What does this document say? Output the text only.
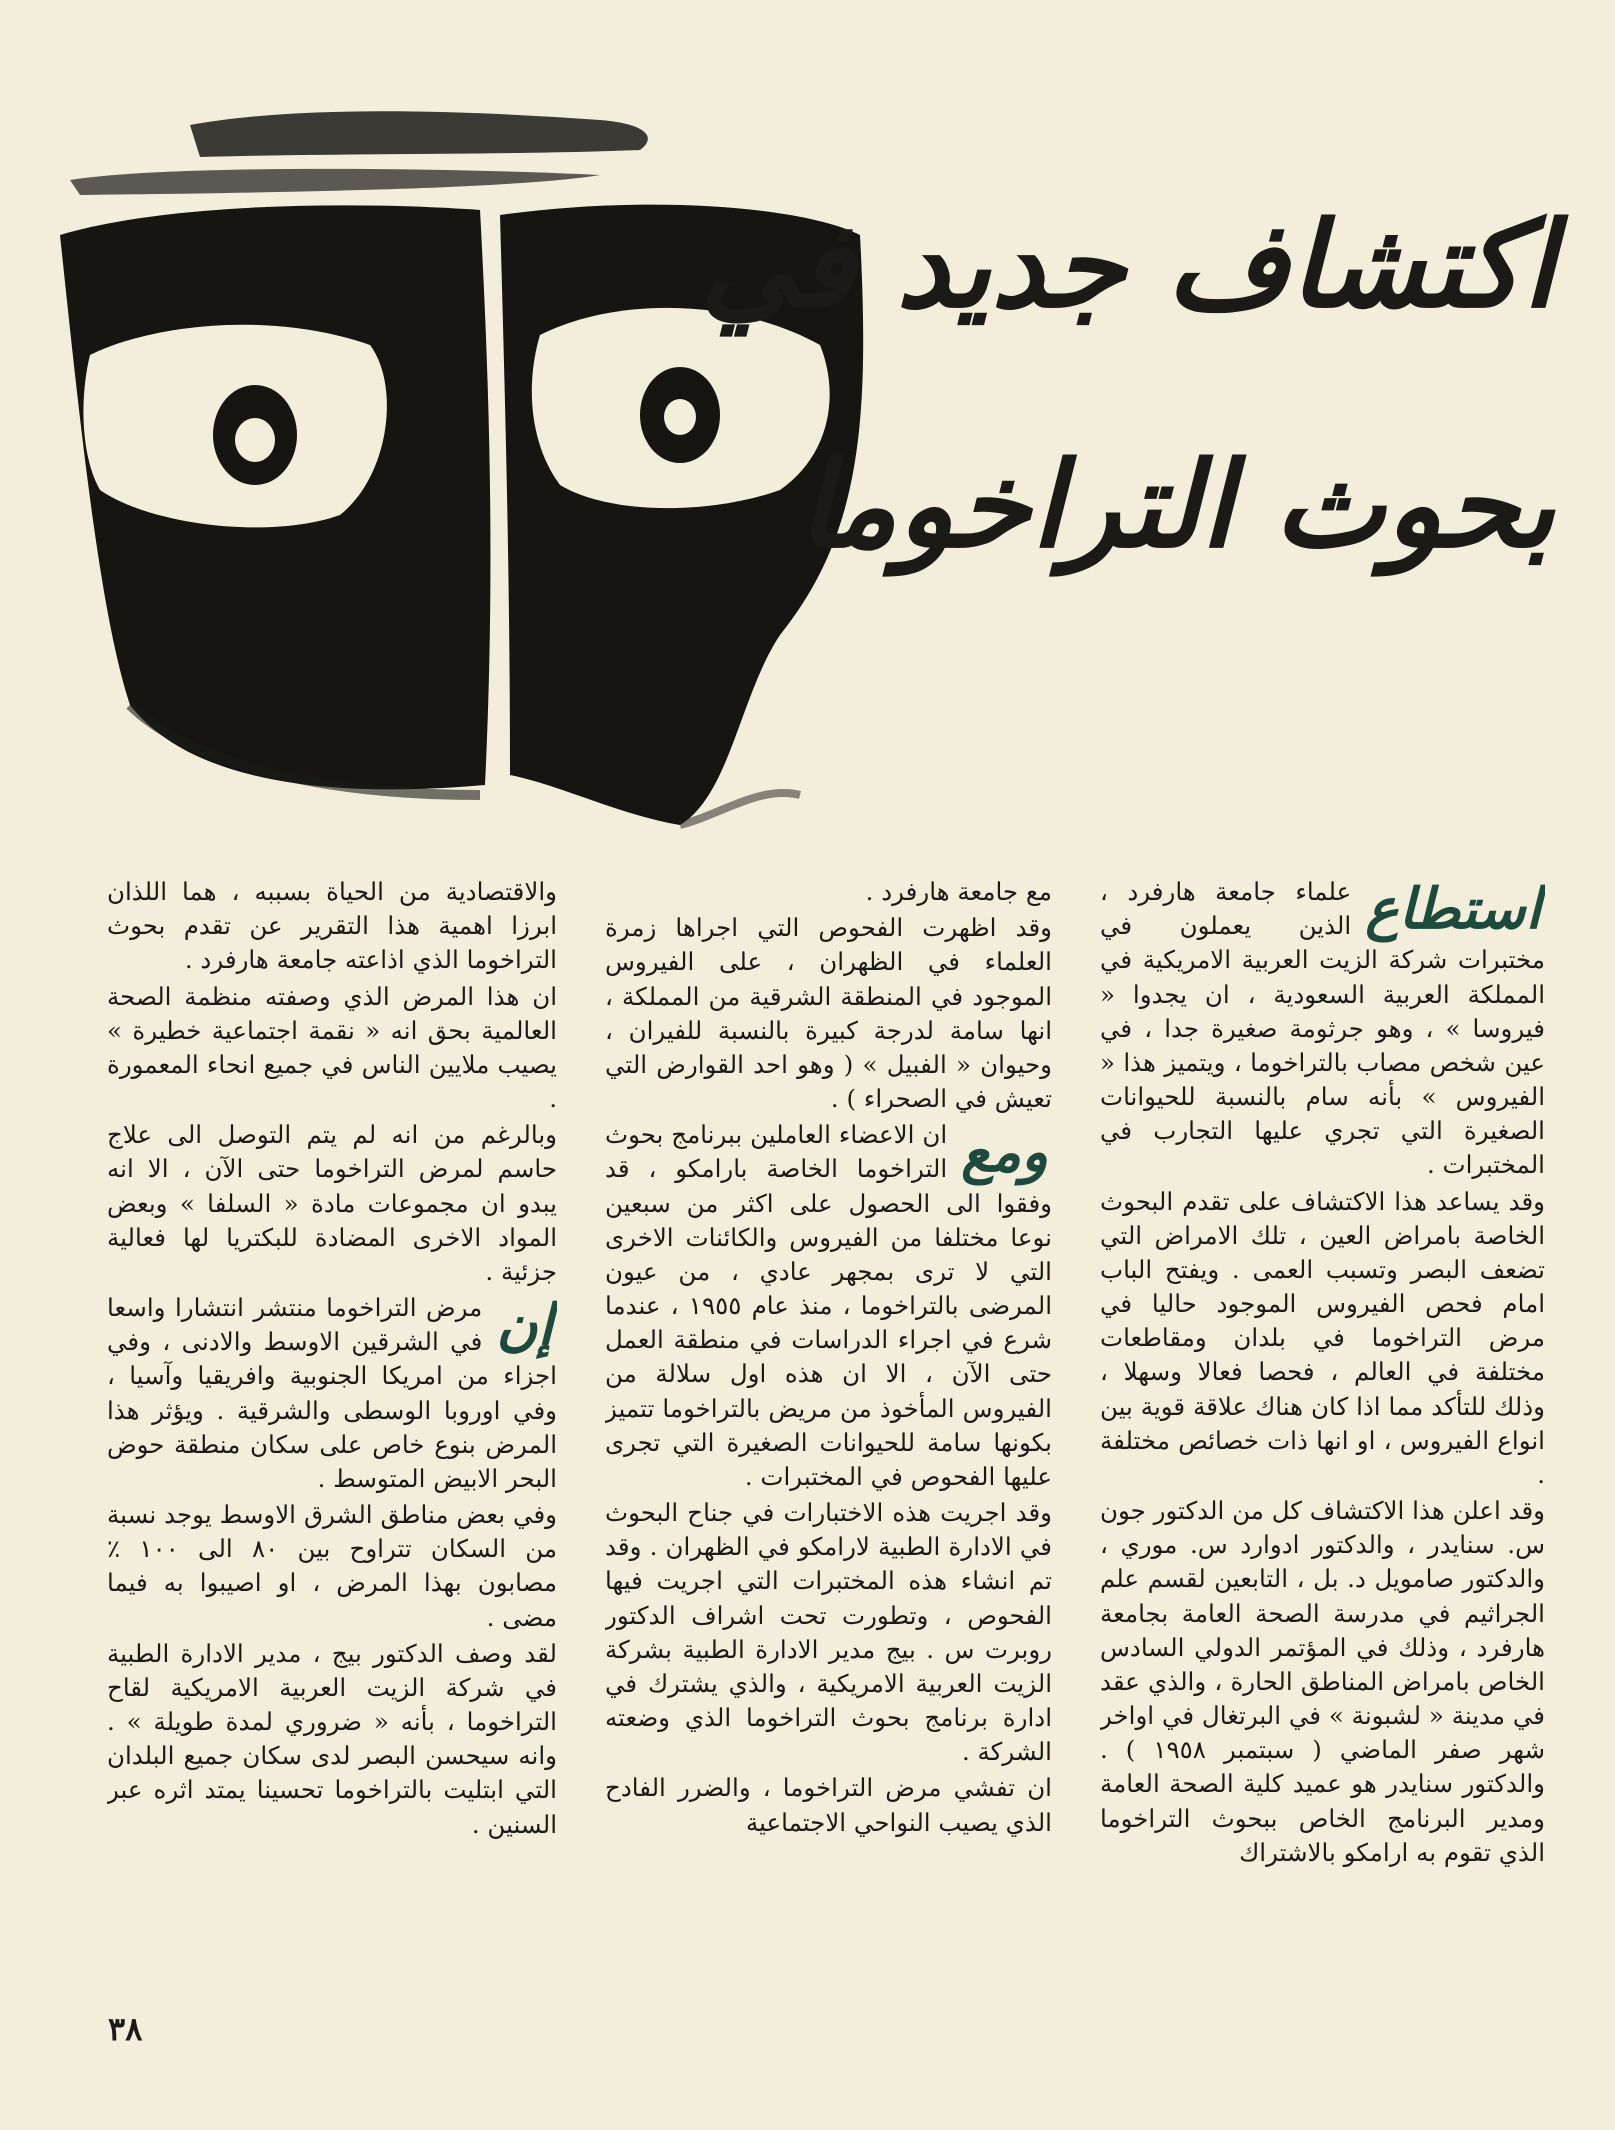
اكتشاف جديد في
بحوث التراخوما
استطاع

علماء جامعة هارفرد ، الذين يعملون في مختبرات شركة الزيت العربية الامريكية في المملكة العربية السعودية ، ان يجدوا « فيروسا » ، وهو جرثومة صغيرة جدا ، في عين شخص مصاب بالتراخوما ، ويتميز هذا « الفيروس » بأنه سام بالنسبة للحيوانات الصغيرة التي تجري عليها التجارب في المختبرات .

وقد يساعد هذا الاكتشاف على تقدم البحوث الخاصة بامراض العين ، تلك الامراض التي تضعف البصر وتسبب العمى . ويفتح الباب امام فحص الفيروس الموجود حاليا في مرض التراخوما في بلدان ومقاطعات مختلفة في العالم ، فحصا فعالا وسهلا ، وذلك للتأكد مما اذا كان هناك علاقة قوية بين انواع الفيروس ، او انها ذات خصائص مختلفة .

وقد اعلن هذا الاكتشاف كل من الدكتور جون س. سنايدر ، والدكتور ادوارد س. موري ، والدكتور صامويل د. بل ، التابعين لقسم علم الجراثيم في مدرسة الصحة العامة بجامعة هارفرد ، وذلك في المؤتمر الدولي السادس الخاص بامراض المناطق الحارة ، والذي عقد في مدينة « لشبونة » في البرتغال في اواخر شهر صفر الماضي ( سبتمبر ١٩٥٨ ) . والدكتور سنايدر هو عميد كلية الصحة العامة ومدير البرنامج الخاص ببحوث التراخوما الذي تقوم به ارامكو بالاشتراك

مع جامعة هارفرد .

وقد اظهرت الفحوص التي اجراها زمرة العلماء في الظهران ، على الفيروس الموجود في المنطقة الشرقية من المملكة ، انها سامة لدرجة كبيرة بالنسبة للفيران ، وحيوان « الفبيل » ( وهو احد القوارض التي تعيش في الصحراء ) .

ومع

ان الاعضاء العاملين ببرنامج بحوث التراخوما الخاصة بارامكو ، قد وفقوا الى الحصول على اكثر من سبعين نوعا مختلفا من الفيروس والكائنات الاخرى التي لا ترى بمجهر عادي ، من عيون المرضى بالتراخوما ، منذ عام ١٩٥٥ ، عندما شرع في اجراء الدراسات في منطقة العمل حتى الآن ، الا ان هذه اول سلالة من الفيروس المأخوذ من مريض بالتراخوما تتميز بكونها سامة للحيوانات الصغيرة التي تجرى عليها الفحوص في المختبرات .

وقد اجريت هذه الاختبارات في جناح البحوث في الادارة الطبية لارامكو في الظهران . وقد تم انشاء هذه المختبرات التي اجريت فيها الفحوص ، وتطورت تحت اشراف الدكتور روبرت س . بيج مدير الادارة الطبية بشركة الزيت العربية الامريكية ، والذي يشترك في ادارة برنامج بحوث التراخوما الذي وضعته الشركة .

ان تفشي مرض التراخوما ، والضرر الفادح الذي يصيب النواحي الاجتماعية

والاقتصادية من الحياة بسببه ، هما اللذان ابرزا اهمية هذا التقرير عن تقدم بحوث التراخوما الذي اذاعته جامعة هارفرد .

ان هذا المرض الذي وصفته منظمة الصحة العالمية بحق انه « نقمة اجتماعية خطيرة » يصيب ملايين الناس في جميع انحاء المعمورة .

وبالرغم من انه لم يتم التوصل الى علاج حاسم لمرض التراخوما حتى الآن ، الا انه يبدو ان مجموعات مادة « السلفا » وبعض المواد الاخرى المضادة للبكتريا لها فعالية جزئية .

إن

مرض التراخوما منتشر انتشارا واسعا في الشرقين الاوسط والادنى ، وفي اجزاء من امريكا الجنوبية وافريقيا وآسيا ، وفي اوروبا الوسطى والشرقية . ويؤثر هذا المرض بنوع خاص على سكان منطقة حوض البحر الابيض المتوسط .

وفي بعض مناطق الشرق الاوسط يوجد نسبة من السكان تتراوح بين ٨٠ الى ١٠٠ ٪ مصابون بهذا المرض ، او اصيبوا به فيما مضى .

لقد وصف الدكتور بيج ، مدير الادارة الطبية في شركة الزيت العربية الامريكية لقاح التراخوما ، بأنه « ضروري لمدة طويلة » . وانه سيحسن البصر لدى سكان جميع البلدان التي ابتليت بالتراخوما تحسينا يمتد اثره عبر السنين .

٣٨
